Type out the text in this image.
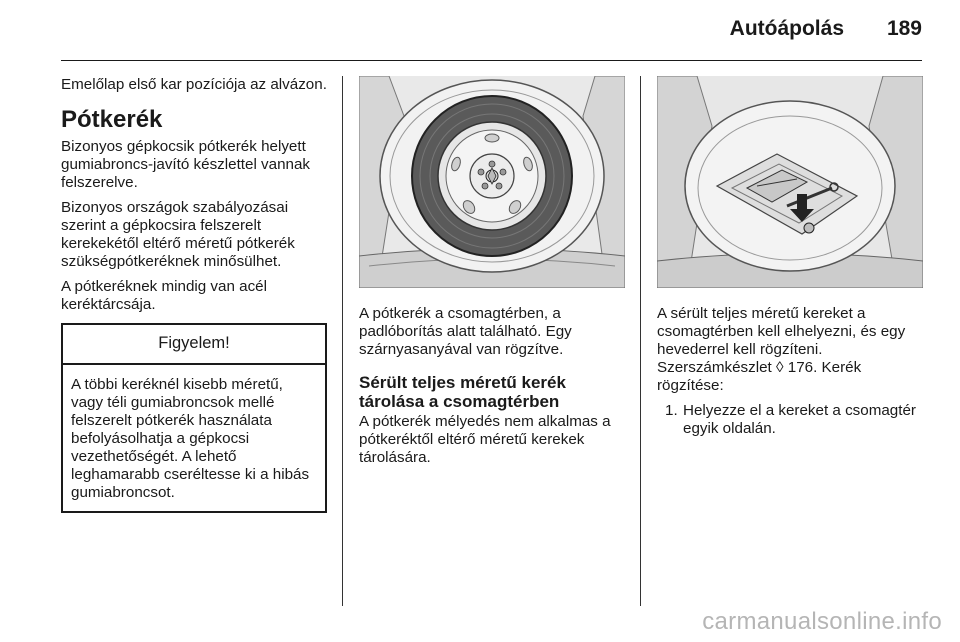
Autóápolás 189

Emelőlap első kar pozíciója az alvázon.

Pótkerék

Bizonyos gépkocsik pótkerék helyett gumiabroncs-javító készlettel vannak felszerelve.

Bizonyos országok szabályozásai szerint a gépkocsira felszerelt kerekekétől eltérő méretű pótkerék szükségpótkeréknek minősülhet.

A pótkeréknek mindig van acél keréktárcsája.

Figyelem!
A többi keréknél kisebb méretű, vagy téli gumiabroncsok mellé felszerelt pótkerék használata befolyásolhatja a gépkocsi vezethetőségét. A lehető leghamarabb cseréltesse ki a hibás gumiabroncsot.

A pótkerék a csomagtérben, a padlóborítás alatt található. Egy szárnyasanyával van rögzítve.

Sérült teljes méretű kerék tárolása a csomagtérben

A pótkerék mélyedés nem alkalmas a pótkeréktől eltérő méretű kerekek tárolására.

A sérült teljes méretű kereket a csomagtérben kell elhelyezni, és egy hevederrel kell rögzíteni. Szerszámkészlet ◊ 176. Kerék rögzítése:

1. Helyezze el a kereket a csomagtér egyik oldalán.
carmanualsonline.info
